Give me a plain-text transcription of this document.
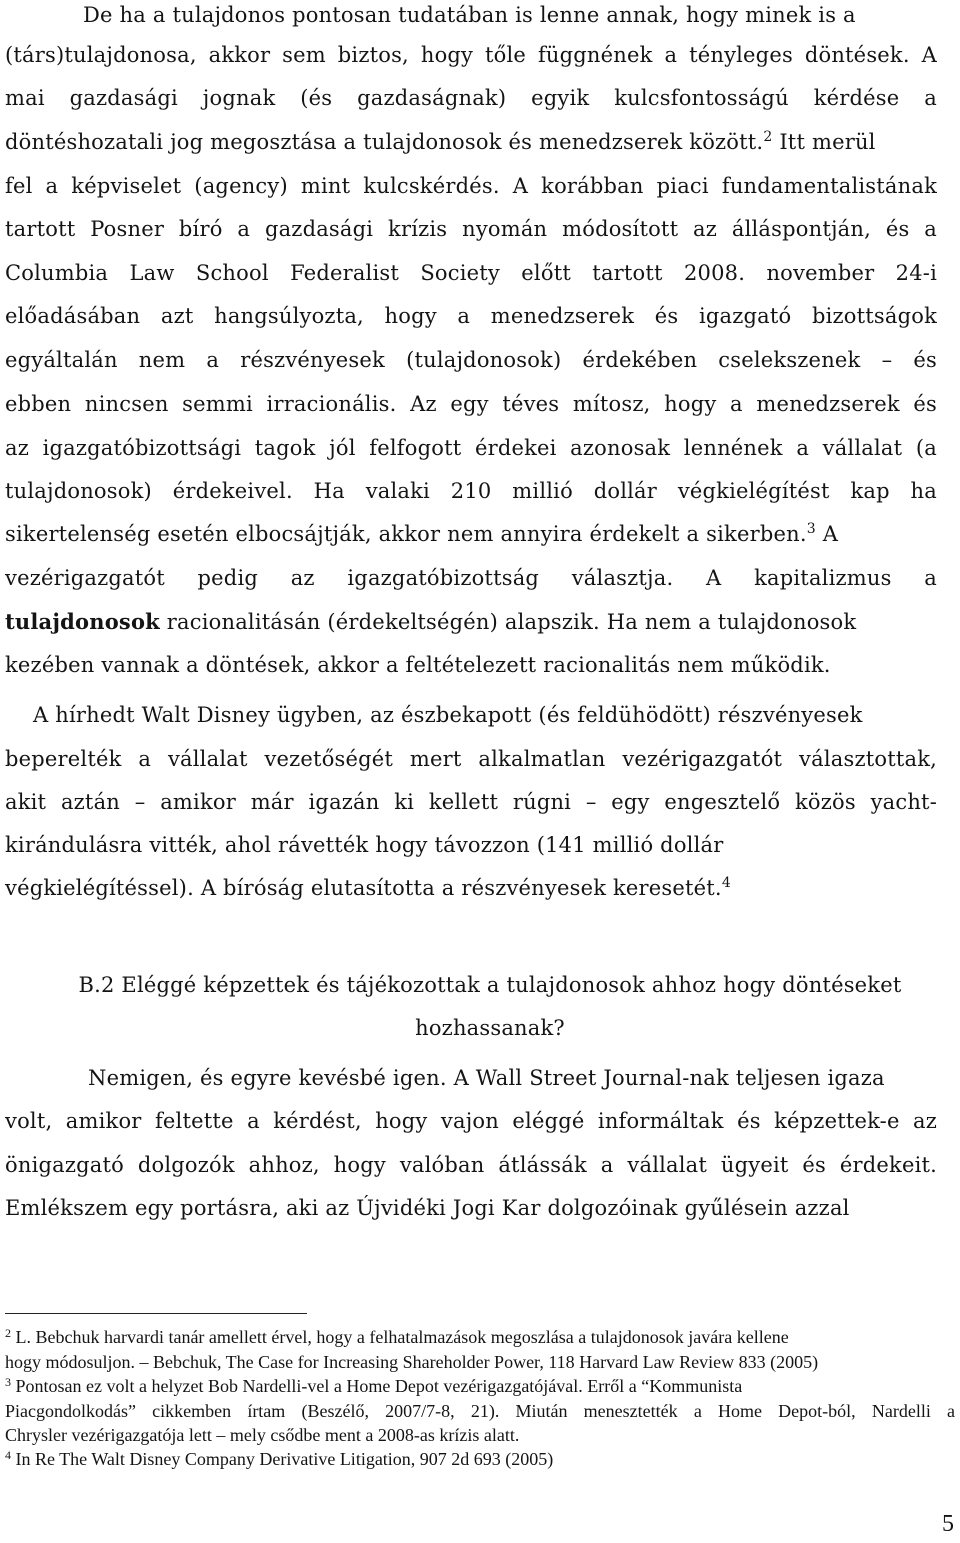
De ha a tulajdonos pontosan tudatában is lenne annak, hogy minek is a
(társ)tulajdonosa, akkor sem biztos, hogy tőle függnének a tényleges döntések. A
mai gazdasági jognak (és gazdaságnak) egyik kulcsfontosságú kérdése a
döntéshozatali jog megosztása a tulajdonosok és menedzserek között.$^2$ Itt merül
fel a képviselet (agency) mint kulcskérdés. A korábban piaci fundamentalistának
tartott Posner bíró a gazdasági krízis nyomán módosított az álláspontján, és a
Columbia Law School Federalist Society előtt tartott 2008. november 24-i
előadásában azt hangsúlyozta, hogy a menedzserek és igazgató bizottságok
egyáltalán nem a részvényesek (tulajdonosok) érdekében cselekszenek – és
ebben nincsen semmi irracionális. Az egy téves mítosz, hogy a menedzserek és
az igazgatóbizottsági tagok jól felfogott érdekei azonosak lennének a vállalat (a
tulajdonosok) érdekeivel. Ha valaki 210 millió dollár végkielégítést kap ha
sikertelenség esetén elbocsájtják, akkor nem annyira érdekelt a sikerben.$^3$ A
vezérigazgatót pedig az igazgatóbizottság választja. A kapitalizmus a
tulajdonosok racionalitásán (érdekeltségén) alapszik. Ha nem a tulajdonosok
kezében vannak a döntések, akkor a feltételezett racionalitás nem működik.
A hírhedt Walt Disney ügyben, az észbekapott (és feldühödött) részvényesek
beperelték a vállalat vezetőségét mert alkalmatlan vezérigazgatót választottak,
akit aztán – amikor már igazán ki kellett rúgni – egy engesztelő közös yacht-
kirándulásra vitték, ahol rávették hogy távozzon (141 millió dollár
végkielégítéssel). A bíróság elutasította a részvényesek keresetét.$^4$
B.2 Eléggé képzettek és tájékozottak a tulajdonosok ahhoz hogy döntéseket
hozhassanak?
Nemigen, és egyre kevésbé igen. A Wall Street Journal-nak teljesen igaza
volt, amikor feltette a kérdést, hogy vajon eléggé informáltak és képzettek-e az
önigazgató dolgozók ahhoz, hogy valóban átlássák a vállalat ügyeit és érdekeit.
Emlékszem egy portásra, aki az Újvidéki Jogi Kar dolgozóinak gyűlésein azzal
$^2$ L. Bebchuk harvardi tanár amellett érvel, hogy a felhatalmazások megoszlása a tulajdonosok javára kellene
hogy módosuljon. – Bebchuk, The Case for Increasing Shareholder Power, 118 Harvard Law Review 833 (2005)
$^3$ Pontosan ez volt a helyzet Bob Nardelli-vel a Home Depot vezérigazgatójával. Erről a “Kommunista
Piacgondolkodás” cikkemben írtam (Beszélő, 2007/7-8, 21). Miután menesztették a Home Depot-ból, Nardelli a
Chrysler vezérigazgatója lett – mely csődbe ment a 2008-as krízis alatt.
$^4$ In Re The Walt Disney Company Derivative Litigation, 907 2d 693 (2005)
5
